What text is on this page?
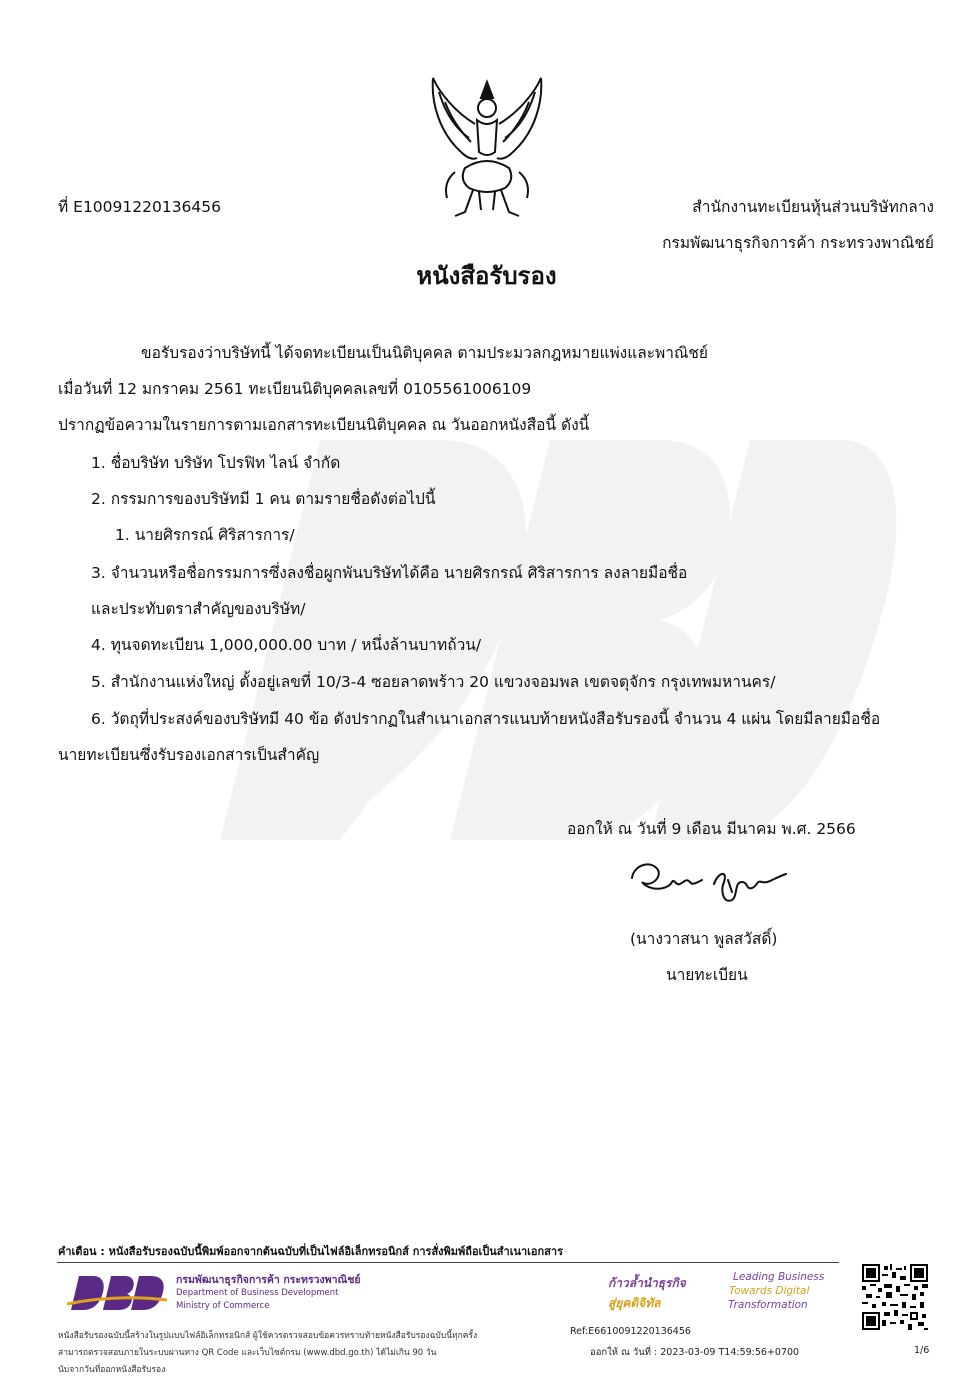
ที่ E10091220136456	สำนักงานทะเบียนหุ้นส่วนบริษัทกลาง
กรมพัฒนาธุรกิจการค้า กระทรวงพาณิชย์
หนังสือรับรอง
ขอรับรองว่าบริษัทนี้ ได้จดทะเบียนเป็นนิติบุคคล ตามประมวลกฎหมายแพ่งและพาณิชย์
เมื่อวันที่ 12 มกราคม 2561 ทะเบียนนิติบุคคลเลขที่ 0105561006109
ปรากฏข้อความในรายการตามเอกสารทะเบียนนิติบุคคล ณ วันออกหนังสือนี้ ดังนี้
1. ชื่อบริษัท บริษัท โปรฟิท ไลน์ จำกัด
2. กรรมการของบริษัทมี 1 คน ตามรายชื่อดังต่อไปนี้
1. นายศิรกรณ์ ศิริสารการ/
3. จำนวนหรือชื่อกรรมการซึ่งลงชื่อผูกพันบริษัทได้คือ นายศิรกรณ์ ศิริสารการ ลงลายมือชื่อ
และประทับตราสำคัญของบริษัท/
4. ทุนจดทะเบียน 1,000,000.00 บาท / หนึ่งล้านบาทถ้วน/
5. สำนักงานแห่งใหญ่ ตั้งอยู่เลขที่ 10/3-4 ซอยลาดพร้าว 20 แขวงจอมพล เขตจตุจักร กรุงเทพมหานคร/
6. วัตถุที่ประสงค์ของบริษัทมี 40 ข้อ ดังปรากฏในสำเนาเอกสารแนบท้ายหนังสือรับรองนี้ จำนวน 4 แผ่น โดยมีลายมือชื่อ
นายทะเบียนซึ่งรับรองเอกสารเป็นสำคัญ
ออกให้ ณ วันที่ 9 เดือน มีนาคม พ.ศ. 2566
(นางวาสนา พูลสวัสดิ์)
นายทะเบียน
คำเตือน : หนังสือรับรองฉบับนี้พิมพ์ออกจากต้นฉบับที่เป็นไฟล์อิเล็กทรอนิกส์ การสั่งพิมพ์ถือเป็นสำเนาเอกสาร
กรมพัฒนาธุรกิจการค้า กระทรวงพาณิชย์
Department of Business Development
Ministry of Commerce
ก้าวล้ำนำธุรกิจ
สู่ยุคดิจิทัล
Leading Business
Towards Digital
Transformation
หนังสือรับรองฉบับนี้สร้างในรูปแบบไฟล์อิเล็กทรอนิกส์ ผู้ใช้ควรตรวจสอบข้อควรทราบท้ายหนังสือรับรองฉบับนี้ทุกครั้ง
สามารถตรวจสอบภายในระบบผ่านทาง QR Code และเว็บไซต์กรม (www.dbd.go.th) ได้ไม่เกิน 90 วัน
นับจากวันที่ออกหนังสือรับรอง
Ref:E6610091220136456
ออกให้ ณ วันที่ : 2023-03-09 T14:59:56+0700	1/6
